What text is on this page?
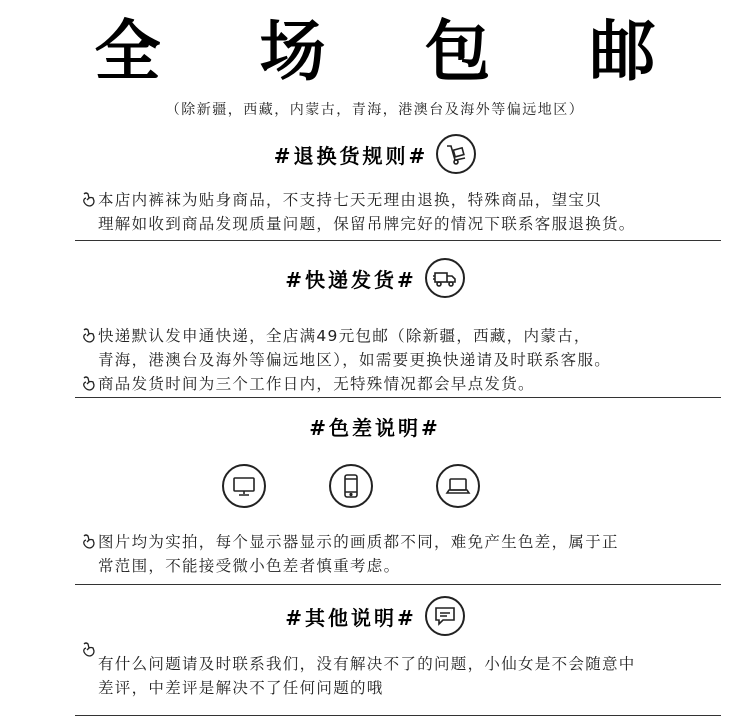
全 场 包 邮
（除新疆，西藏，内蒙古，青海，港澳台及海外等偏远地区）
#退换货规则#
本店内裤袜为贴身商品，不支持七天无理由退换，特殊商品，望宝贝
理解如收到商品发现质量问题，保留吊牌完好的情况下联系客服退换货。
#快递发货#
快递默认发申通快递，全店满49元包邮（除新疆，西藏，内蒙古，
青海，港澳台及海外等偏远地区），如需要更换快递请及时联系客服。
商品发货时间为三个工作日内，无特殊情况都会早点发货。
#色差说明#
图片均为实拍，每个显示器显示的画质都不同，难免产生色差，属于正
常范围，不能接受微小色差者慎重考虑。
#其他说明#
有什么问题请及时联系我们，没有解决不了的问题，小仙女是不会随意中
差评，中差评是解决不了任何问题的哦
